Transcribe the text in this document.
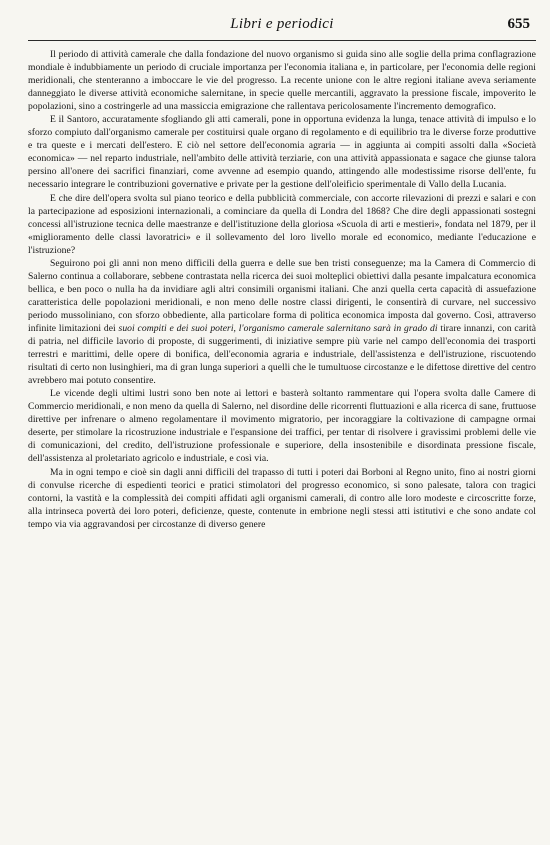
Libri e periodici	655

Il periodo di attività camerale che dalla fondazione del nuovo organismo si guida sino alle soglie della prima conflagrazione mondiale è indubbiamente un periodo di cruciale importanza per l'economia italiana e, in particolare, per l'economia delle regioni meridionali, che stenteranno a imboccare le vie del progresso. La recente unione con le altre regioni italiane aveva seriamente danneggiato le diverse attività economiche salernitane, in specie quelle mercantili, aggravato la pressione fiscale, impoverito le popolazioni, sino a costringerle ad una massiccia emigrazione che rallentava pericolosamente l'incremento demografico.

E il Santoro, accuratamente sfogliando gli atti camerali, pone in opportuna evidenza la lunga, tenace attività di impulso e lo sforzo compiuto dall'organismo camerale per costituirsi quale organo di regolamento e di equilibrio tra le diverse forze produttive e tra queste e i mercati dell'estero. E ciò nel settore dell'economia agraria — in aggiunta ai compiti assolti dalla «Società economica» — nel reparto industriale, nell'ambito delle attività terziarie, con una attività appassionata e sagace che giunse talora persino all'onere dei sacrifici finanziari, come avvenne ad esempio quando, attingendo alle modestissime risorse dell'ente, fu necessario integrare le contribuzioni governative e private per la gestione dell'oleificio sperimentale di Vallo della Lucania.

E che dire dell'opera svolta sul piano teorico e della pubblicità commerciale, con accorte rilevazioni di prezzi e salari e con la partecipazione ad esposizioni internazionali, a cominciare da quella di Londra del 1868? Che dire degli appassionati sostegni concessi all'istruzione tecnica delle maestranze e dell'istituzione della gloriosa «Scuola di arti e mestieri», fondata nel 1879, per il «miglioramento delle classi lavoratrici» e il sollevamento del loro livello morale ed economico, mediante l'educazione e l'istruzione?

Seguirono poi gli anni non meno difficili della guerra e delle sue ben tristi conseguenze; ma la Camera di Commercio di Salerno continua a collaborare, sebbene contrastata nella ricerca dei suoi molteplici obiettivi dalla pesante impalcatura economica bellica, e ben poco o nulla ha da invidiare agli altri consimili organismi italiani. Che anzi quella certa capacità di assuefazione caratteristica delle popolazioni meridionali, e non meno delle nostre classi dirigenti, le consentirà di curvare, nel successivo periodo mussoliniano, con sforzo obbediente, alla particolare forma di politica economica imposta dal governo. Così, attraverso infinite limitazioni dei suoi compiti e dei suoi poteri, l'organismo camerale salernitano sarà in grado di tirare innanzi, con carità di patria, nel difficile lavorio di proposte, di suggerimenti, di iniziative sempre più varie nel campo dell'economia dei trasporti terrestri e marittimi, delle opere di bonifica, dell'economia agraria e industriale, dell'assistenza e dell'istruzione, riscuotendo risultati di certo non lusinghieri, ma di gran lunga superiori a quelli che le tumultuose circostanze e le difettose direttive del centro avrebbero mai potuto consentire.

Le vicende degli ultimi lustri sono ben note ai lettori e basterà soltanto rammentare qui l'opera svolta dalle Camere di Commercio meridionali, e non meno da quella di Salerno, nel disordine delle ricorrenti fluttuazioni e alla ricerca di sane, fruttuose direttive per infrenare o almeno regolamentare il movimento migratorio, per incoraggiare la coltivazione di campagne ormai deserte, per stimolare la ricostruzione industriale e l'espansione dei traffici, per tentar di risolvere i gravissimi problemi delle vie di comunicazioni, del credito, dell'istruzione professionale e superiore, della insostenibile e disordinata pressione fiscale, dell'assistenza al proletariato agricolo e industriale, e così via.

Ma in ogni tempo e cioè sin dagli anni difficili del trapasso di tutti i poteri dai Borboni al Regno unito, fino ai nostri giorni di convulse ricerche di espedienti teorici e pratici stimolatori del progresso economico, si sono palesate, talora con tragici contorni, la vastità e la complessità dei compiti affidati agli organismi camerali, di contro alle loro modeste e circoscritte forze, alla intrinseca povertà dei loro poteri, deficienze, queste, contenute in embrione negli stessi atti istitutivi e che sono andate col tempo via via aggravandosi per circostanze di diverso genere
